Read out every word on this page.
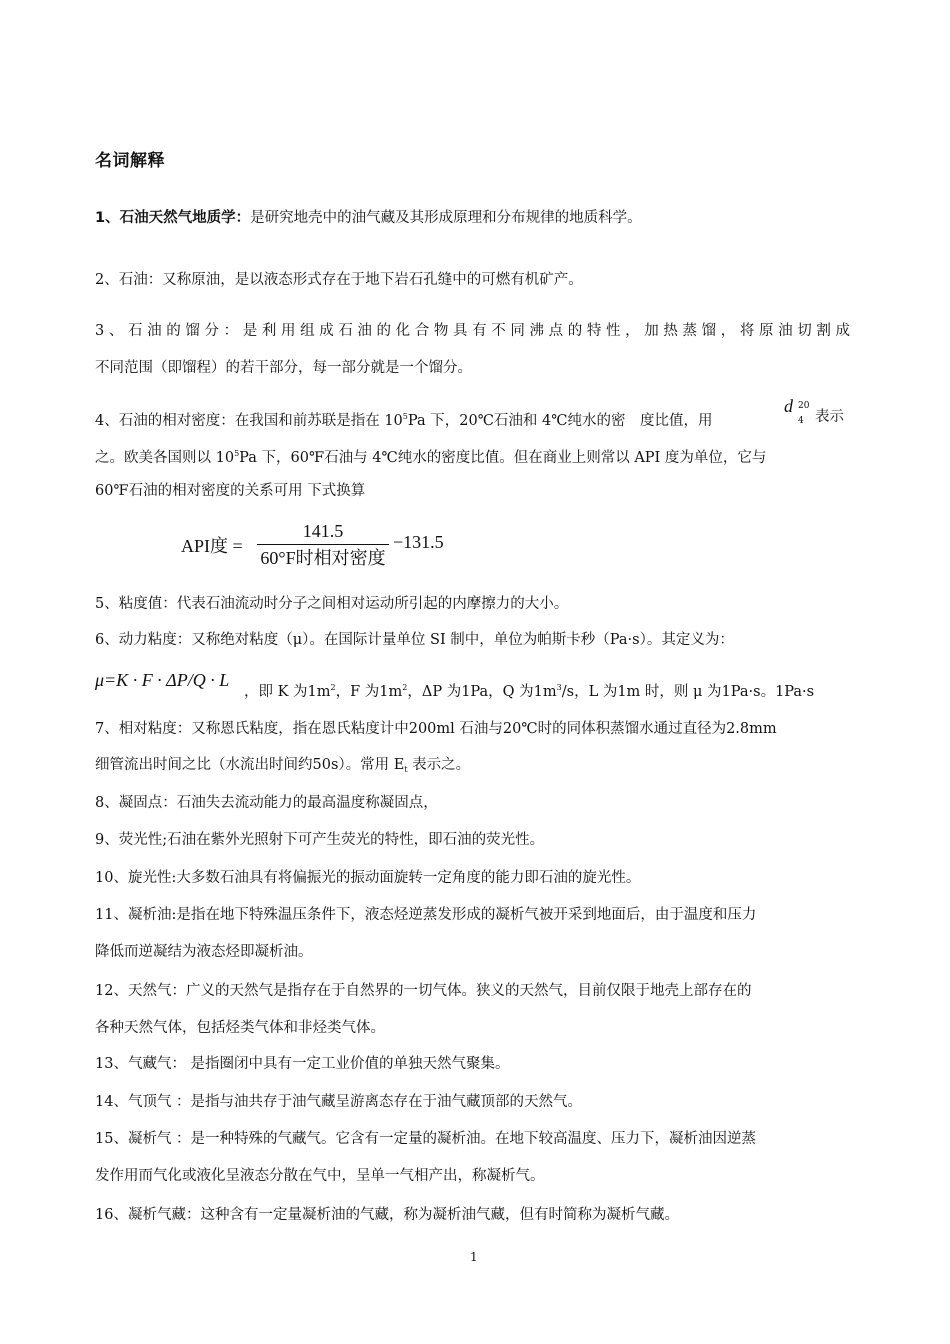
名词解释
1、石油天然气地质学：是研究地壳中的油气藏及其形成原理和分布规律的地质科学。
2、石油：又称原油，是以液态形式存在于地下岩石孔缝中的可燃有机矿产。
3、石油的馏分：是利用组成石油的化合物具有不同沸点的特性，加热蒸馏，将原油切割成
不同范围（即馏程）的若干部分，每一部分就是一个馏分。
4、石油的相对密度：在我国和前苏联是指在 $10^5Pa$ 下，20℃石油和 4℃纯水的密　度比值，用
d 20
4 表示
之。欧美各国则以 $10^5Pa$ 下，60℉石油与 4℃纯水的密度比值。但在商业上则常以 API 度为单位，它与
60℉石油的相对密度的关系可用 下式换算
API度 =
141.5
60°F时相对密度
−131.5
5、粘度值：代表石油流动时分子之间相对运动所引起的内摩擦力的大小。
6、动力粘度：又称绝对粘度（μ）。在国际计量单位 SI 制中，单位为帕斯卡秒（Pa·s）。其定义为：
μ=K · F · ΔP/Q · L
，即 K 为$1m^2$，F 为$1m^2$，ΔP 为1Pa，Q 为$1m^3/s$，L 为1m 时，则 μ 为1Pa·s。1Pa·s
7、相对粘度：又称恩氏粘度，指在恩氏粘度计中200ml 石油与20℃时的同体积蒸馏水通过直径为2.8mm
细管流出时间之比（水流出时间约50s）。常用 $E_t$ 表示之。
8、凝固点：石油失去流动能力的最高温度称凝固点，
9、荧光性;石油在紫外光照射下可产生荧光的特性，即石油的荧光性。
10、旋光性:大多数石油具有将偏振光的振动面旋转一定角度的能力即石油的旋光性。
11、凝析油:是指在地下特殊温压条件下，液态烃逆蒸发形成的凝析气被开采到地面后，由于温度和压力
降低而逆凝结为液态烃即凝析油。
12、天然气：广义的天然气是指存在于自然界的一切气体。狭义的天然气，目前仅限于地壳上部存在的
各种天然气体，包括烃类气体和非烃类气体。
13、气藏气： 是指圈闭中具有一定工业价值的单独天然气聚集。
14、气顶气 ：是指与油共存于油气藏呈游离态存在于油气藏顶部的天然气。
15、凝析气 ：是一种特殊的气藏气。它含有一定量的凝析油。在地下较高温度、压力下，凝析油因逆蒸
发作用而气化或液化呈液态分散在气中，呈单一气相产出，称凝析气。
16、凝析气藏：这种含有一定量凝析油的气藏，称为凝析油气藏，但有时简称为凝析气藏。
1
